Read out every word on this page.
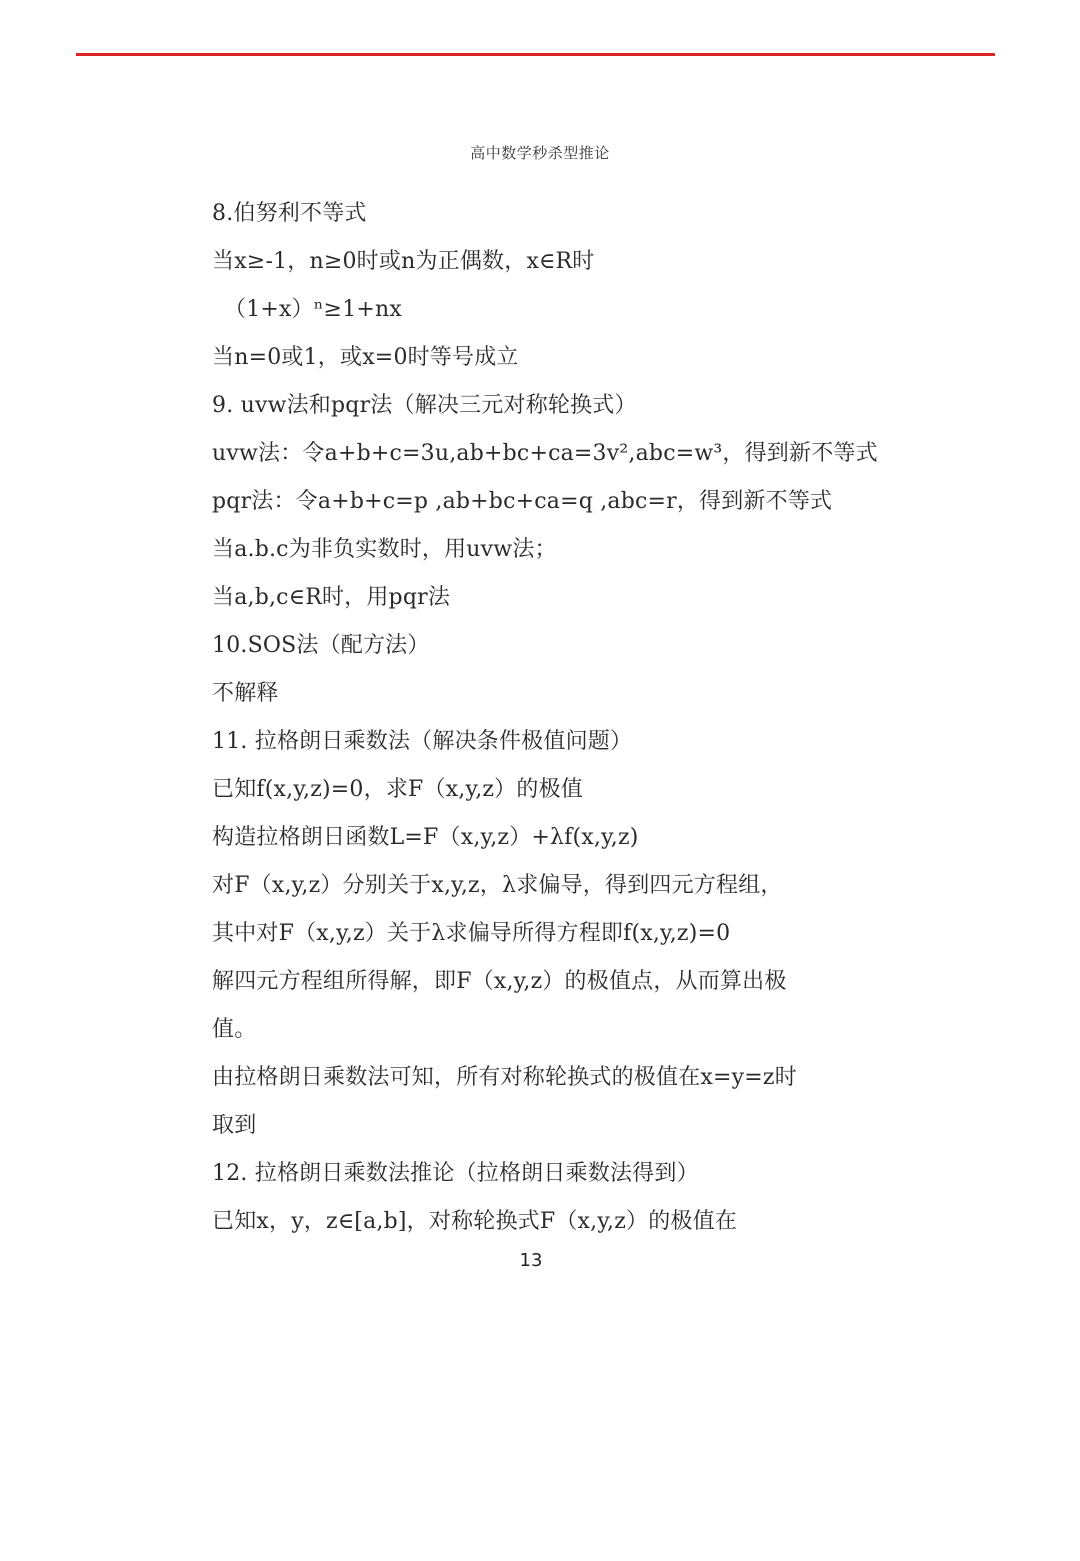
高中数学秒杀型推论
8.伯努利不等式
当x≥-1，n≥0时或n为正偶数，x∈R时
（1+x）ⁿ≥1+nx
当n=0或1，或x=0时等号成立
9. uvw法和pqr法（解决三元对称轮换式）
uvw法：令a+b+c=3u,ab+bc+ca=3v²,abc=w³，得到新不等式
pqr法：令a+b+c=p ,ab+bc+ca=q ,abc=r，得到新不等式
当a.b.c为非负实数时，用uvw法；
当a,b,c∈R时，用pqr法
10.SOS法（配方法）
不解释
11. 拉格朗日乘数法（解决条件极值问题）
已知f(x,y,z)=0，求F（x,y,z）的极值
构造拉格朗日函数L=F（x,y,z）+λf(x,y,z)
对F（x,y,z）分别关于x,y,z，λ求偏导，得到四元方程组，
其中对F（x,y,z）关于λ求偏导所得方程即f(x,y,z)=0
解四元方程组所得解，即F（x,y,z）的极值点，从而算出极
值。
由拉格朗日乘数法可知，所有对称轮换式的极值在x=y=z时
取到
12. 拉格朗日乘数法推论（拉格朗日乘数法得到）
已知x，y，z∈[a,b]，对称轮换式F（x,y,z）的极值在
13
